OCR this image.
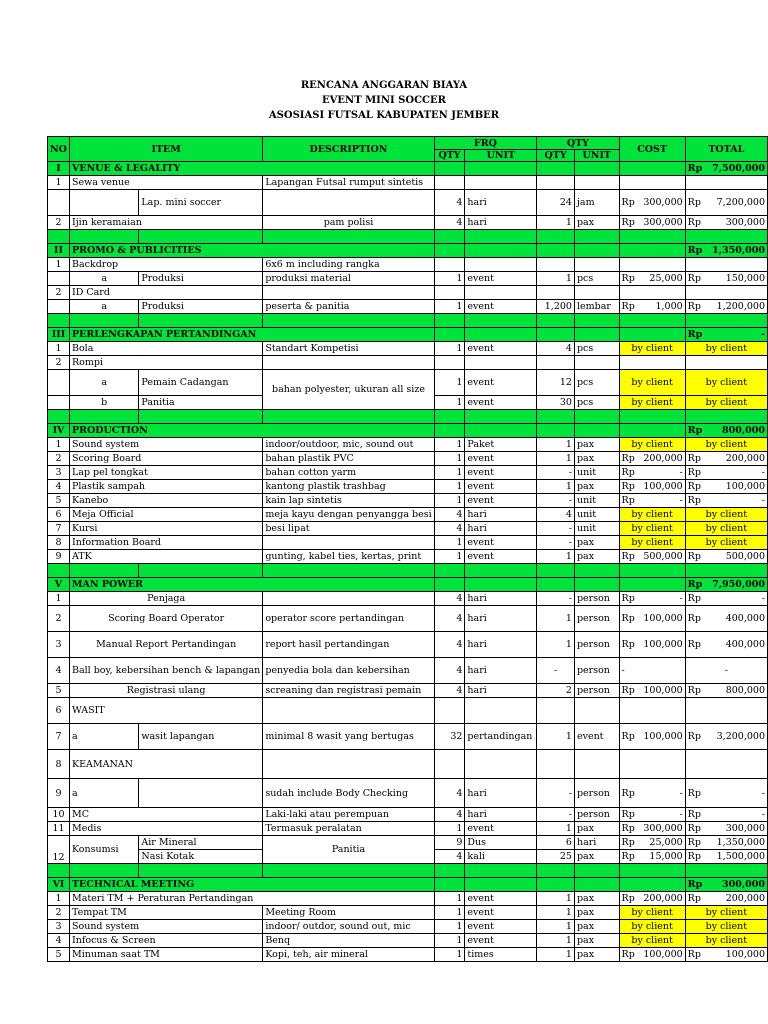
RENCANA ANGGARAN BIAYA
EVENT MINI SOCCER
ASOSIASI FUTSAL KABUPATEN JEMBER
NO	ITEM		DESCRIPTION	FRQ		QTY		COST	TOTAL
				QTY	UNIT	QTY	UNIT		
I	VENUE & LEGALITY								Rp 7,500,000

1	Sewa venue		Lapangan Futsal rumput sintetis						
		Lap. mini soccer		4	hari	24	jam	Rp 300,000	Rp 7,200,000

2	Ijin keramaian		pam polisi	4	hari	1	pax	Rp 300,000	Rp 300,000

II	PROMO & PUBLICITIES								Rp 1,350,000

1	Backdrop		6x6 m including rangka						
	a	Produksi	produksi material	1	event	1	pcs	Rp 25,000	Rp 150,000

2	ID Card								
	a	Produksi	peserta & panitia	1	event	1,200	lembar	Rp 1,000	Rp 1,200,000

III	PERLENGKAPAN PERTANDINGAN								Rp -

1	Bola		Standart Kompetisi	1	event	4	pcs	by client	by client
2	Rompi								
	a	Pemain Cadangan	bahan polyester, ukuran all size	1	event	12	pcs	by client	by client
	b	Panitia		1	event	30	pcs	by client	by client

IV	PRODUCTION								Rp 800,000

1	Sound system		indoor/outdoor, mic, sound out	1	Paket	1	pax	by client	by client
2	Scoring Board		bahan plastik PVC	1	event	1	pax	Rp 200,000	Rp 200,000

3	Lap pel tongkat		bahan cotton yarm	1	event	-	unit	Rp -	Rp -

4	Plastik sampah		kantong plastik trashbag	1	event	1	pax	Rp 100,000	Rp 100,000

5	Kanebo		kain lap sintetis	1	event	-	unit	Rp -	Rp -

6	Meja Official		meja kayu dengan penyangga besi	4	hari	4	unit	by client	by client
7	Kursi		besi lipat	4	hari	-	unit	by client	by client
8	Information Board			1	event	-	pax	by client	by client
9	ATK		gunting, kabel ties, kertas, print	1	event	1	pax	Rp 500,000	Rp 500,000

V	MAN POWER								Rp 7,950,000

1	Penjaga			4	hari	-	person	Rp -	Rp -

2	Scoring Board Operator		operator score pertandingan	4	hari	1	person	Rp 100,000	Rp 400,000

3	Manual Report Pertandingan		report hasil pertandingan	4	hari	1	person	Rp 100,000	Rp 400,000

4	Ball boy, kebersihan bench & lapangan		penyedia bola dan kebersihan	4	hari	-	person	-	-
5	Registrasi ulang		screaning dan registrasi pemain	4	hari	2	person	Rp 100,000	Rp 800,000

6	WASIT								
7	a	wasit lapangan	minimal 8 wasit yang bertugas	32	pertandingan	1	event	Rp 100,000	Rp 3,200,000

8	KEAMANAN								
9	a		sudah include Body Checking	4	hari	-	person	Rp -	Rp -

10	MC		Laki-laki atau perempuan	4	hari	-	person	Rp -	Rp -

11	Medis		Termasuk peralatan	1	event	1	pax	Rp 300,000	Rp 300,000

12	Konsumsi	Air Mineral	Panitia	9	Dus	6	hari	Rp 25,000	Rp 1,350,000

		Nasi Kotak		4	kali	25	pax	Rp 15,000	Rp 1,500,000

VI	TECHNICAL MEETING								Rp 300,000

1	Materi TM + Peraturan Pertandingan			1	event	1	pax	Rp 200,000	Rp 200,000

2	Tempat TM		Meeting Room	1	event	1	pax	by client	by client
3	Sound system		indoor/ outdor, sound out, mic	1	event	1	pax	by client	by client
4	Infocus & Screen		Benq	1	event	1	pax	by client	by client
5	Minuman saat TM		Kopi, teh, air mineral	1	times	1	pax	Rp 100,000	Rp 100,000
